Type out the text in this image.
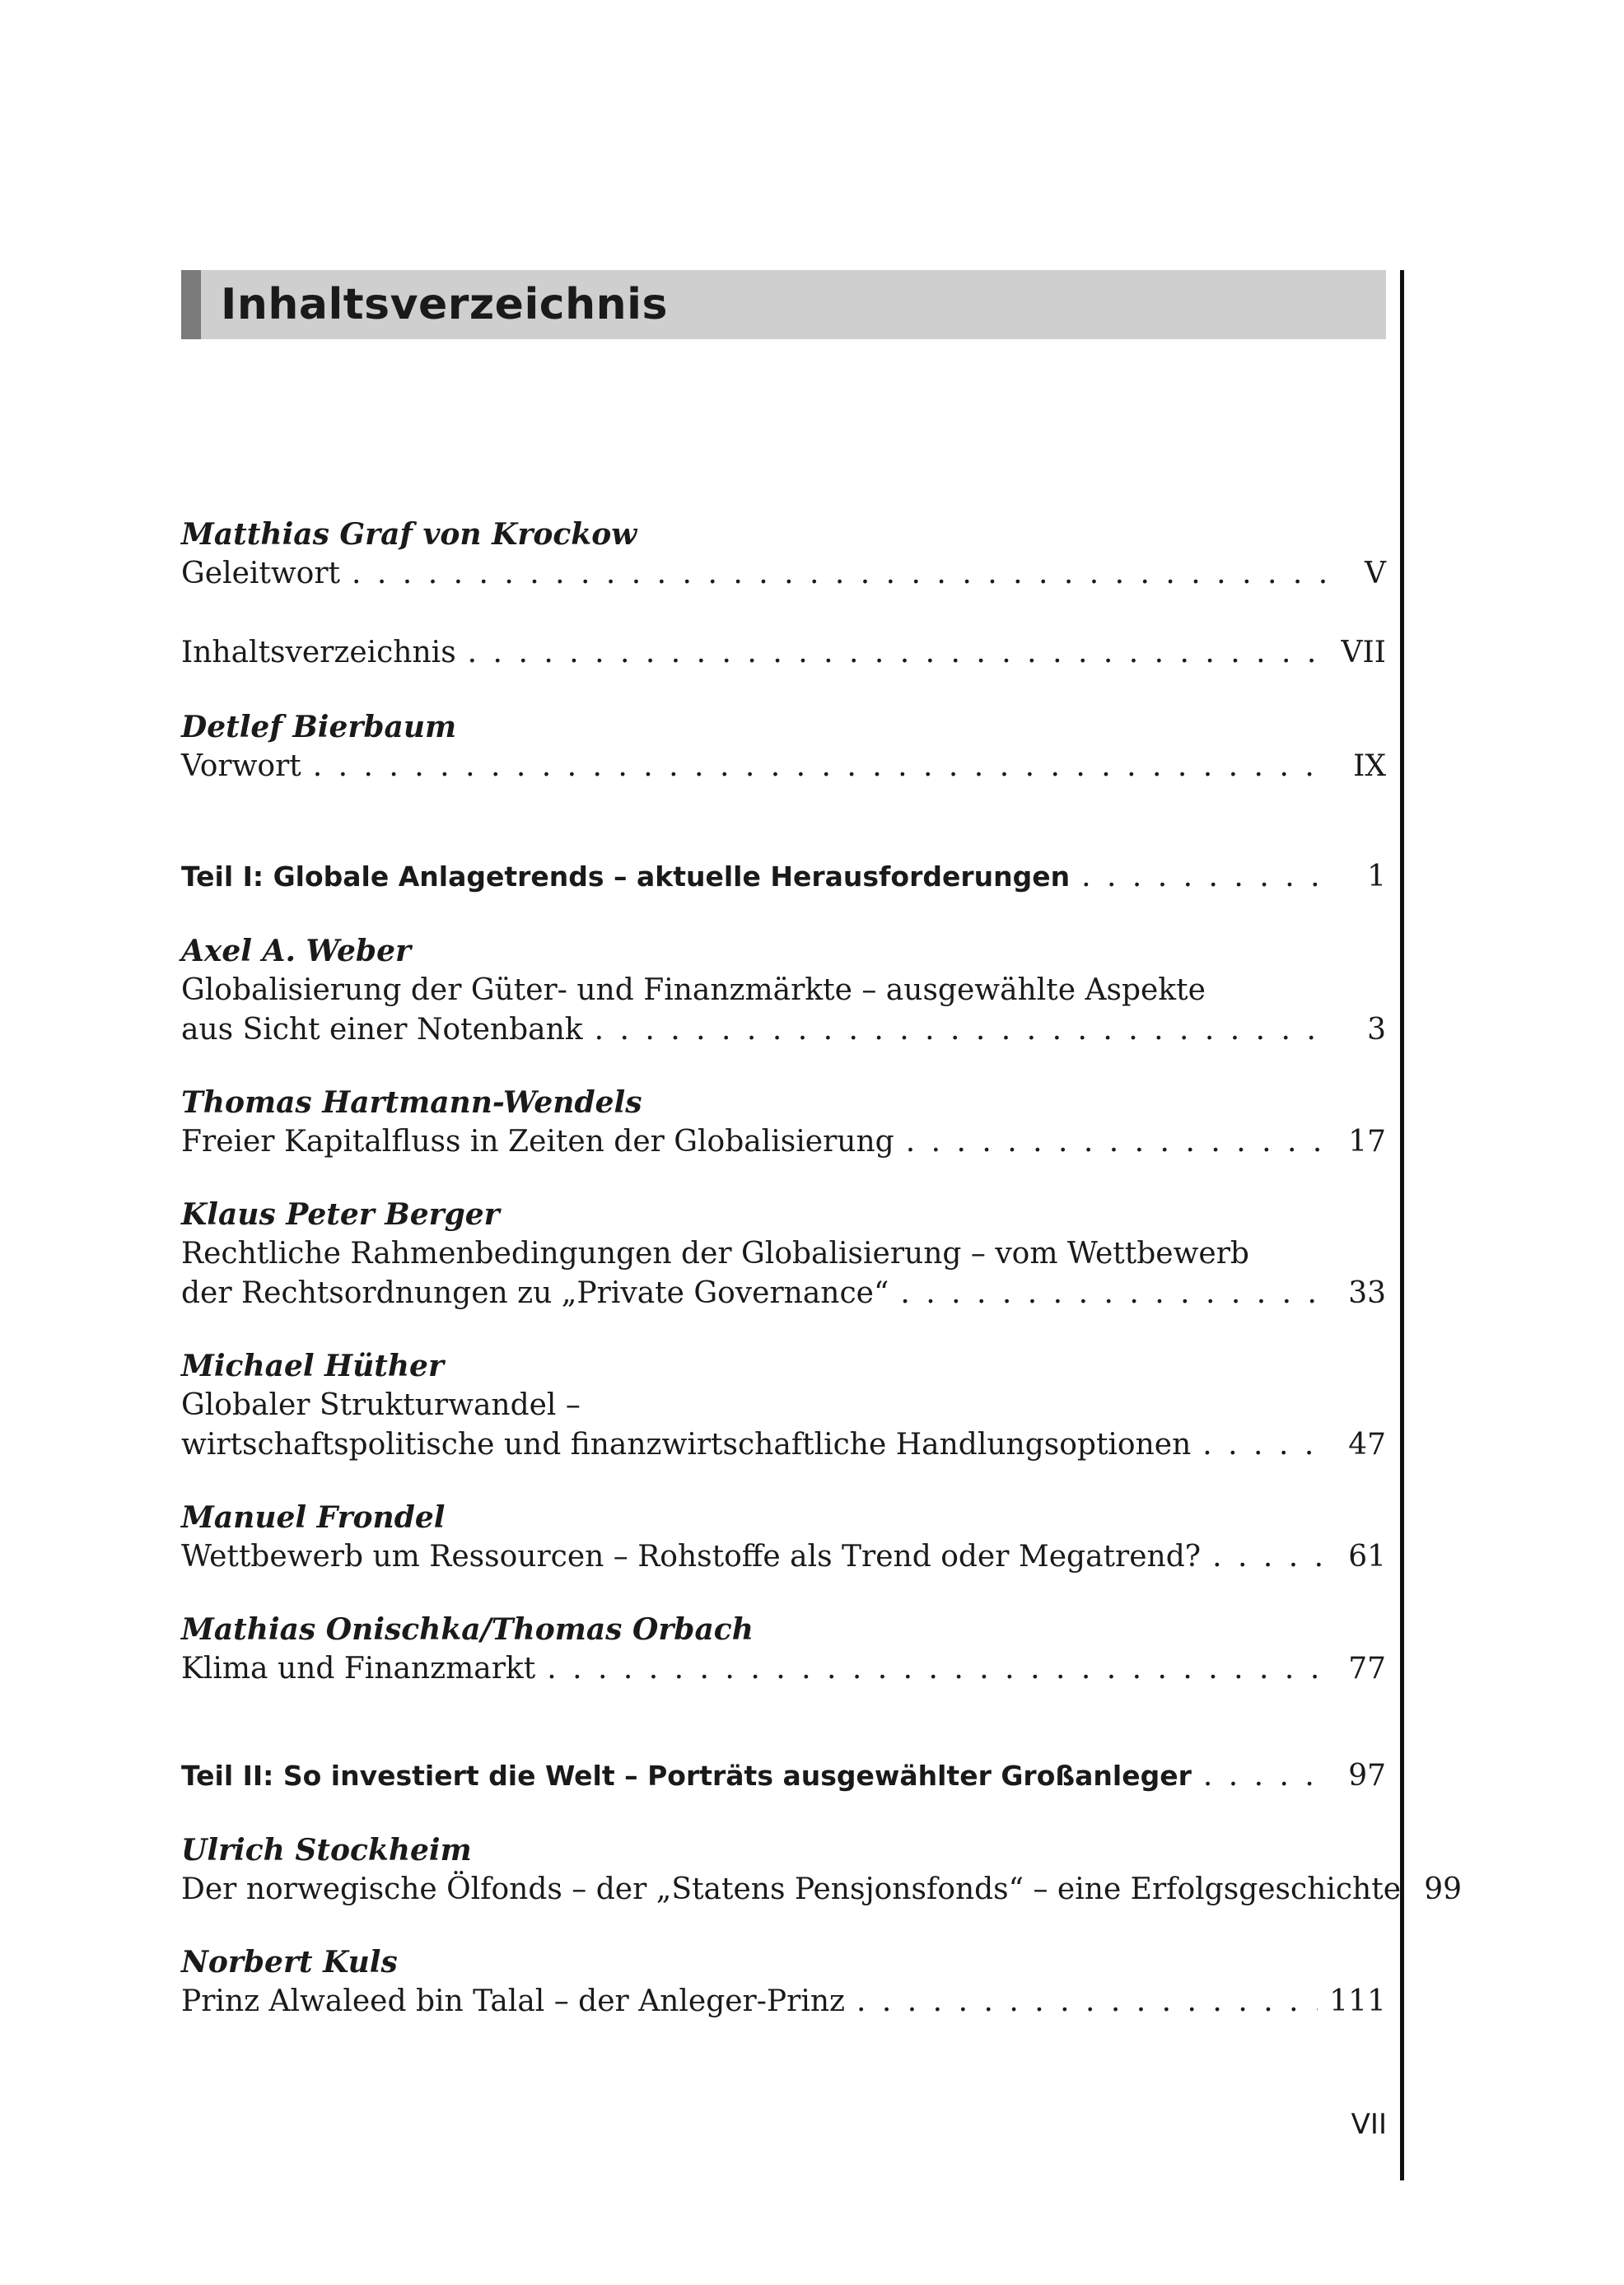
Inhaltsverzeichnis
Matthias Graf von Krockow
Geleitwort . . .	V
Inhaltsverzeichnis . . .	VII
Detlef Bierbaum
Vorwort . . .	IX
Teil I: Globale Anlagetrends – aktuelle Herausforderungen . . .	1
Axel A. Weber
Globalisierung der Güter- und Finanzmärkte – ausgewählte Aspekte
aus Sicht einer Notenbank . . .	3
Thomas Hartmann-Wendels
Freier Kapitalfluss in Zeiten der Globalisierung . . .	17
Klaus Peter Berger
Rechtliche Rahmenbedingungen der Globalisierung – vom Wettbewerb
der Rechtsordnungen zu „Private Governance“ . . .	33
Michael Hüther
Globaler Strukturwandel –
wirtschaftspolitische und finanzwirtschaftliche Handlungsoptionen . . .	47
Manuel Frondel
Wettbewerb um Ressourcen – Rohstoffe als Trend oder Megatrend? . . .	61
Mathias Onischka/Thomas Orbach
Klima und Finanzmarkt . . .	77
Teil II: So investiert die Welt – Porträts ausgewählter Großanleger . . .	97
Ulrich Stockheim
Der norwegische Ölfonds – der „Statens Pensjonsfonds“ – eine Erfolgsgeschichte 99
Norbert Kuls
Prinz Alwaleed bin Talal – der Anleger-Prinz . . .	111
VII
